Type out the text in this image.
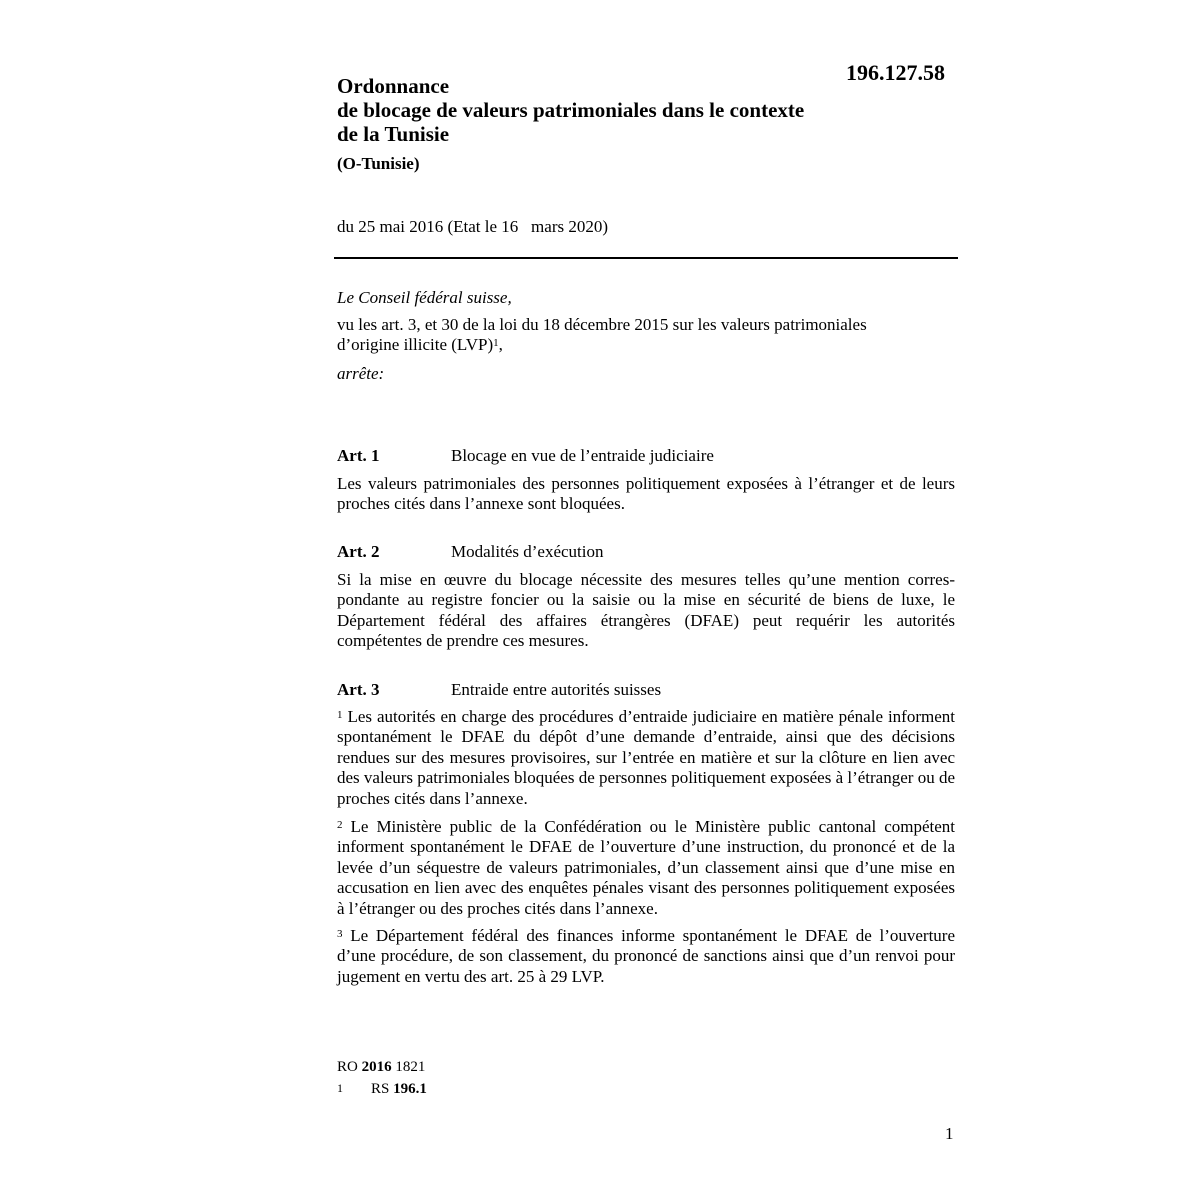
196.127.58
Ordonnance
de blocage de valeurs patrimoniales dans le contexte
de la Tunisie
(O-Tunisie)
du 25 mai 2016 (Etat le 16   mars 2020)
Le Conseil fédéral suisse,
vu les art. 3, et 30 de la loi du 18 décembre 2015 sur les valeurs patrimoniales
d’origine illicite (LVP)$^1$,
arrête:
Art. 1	Blocage en vue de l’entraide judiciaire
Les valeurs patrimoniales des personnes politiquement exposées à l’étranger et de leurs proches cités dans l’annexe sont bloquées.
Art. 2	Modalités d’exécution
Si la mise en œuvre du blocage nécessite des mesures telles qu’une mention correspondante au registre foncier ou la saisie ou la mise en sécurité de biens de luxe, le Département fédéral des affaires étrangères (DFAE) peut requérir les autorités compétentes de prendre ces mesures.
Art. 3	Entraide entre autorités suisses
$^1$ Les autorités en charge des procédures d’entraide judiciaire en matière pénale informent spontanément le DFAE du dépôt d’une demande d’entraide, ainsi que des décisions rendues sur des mesures provisoires, sur l’entrée en matière et sur la clôture en lien avec des valeurs patrimoniales bloquées de personnes politiquement exposées à l’étranger ou de proches cités dans l’annexe.
$^2$ Le Ministère public de la Confédération ou le Ministère public cantonal compétent informent spontanément le DFAE de l’ouverture d’une instruction, du prononcé et de la levée d’un séquestre de valeurs patrimoniales, d’un classement ainsi que d’une mise en accusation en lien avec des enquêtes pénales visant des personnes politiquement exposées à l’étranger ou des proches cités dans l’annexe.
$^3$ Le Département fédéral des finances informe spontanément le DFAE de l’ouverture d’une procédure, de son classement, du prononcé de sanctions ainsi que d’un renvoi pour jugement en vertu des art. 25 à 29 LVP.
RO 2016 1821
1 RS 196.1
1
